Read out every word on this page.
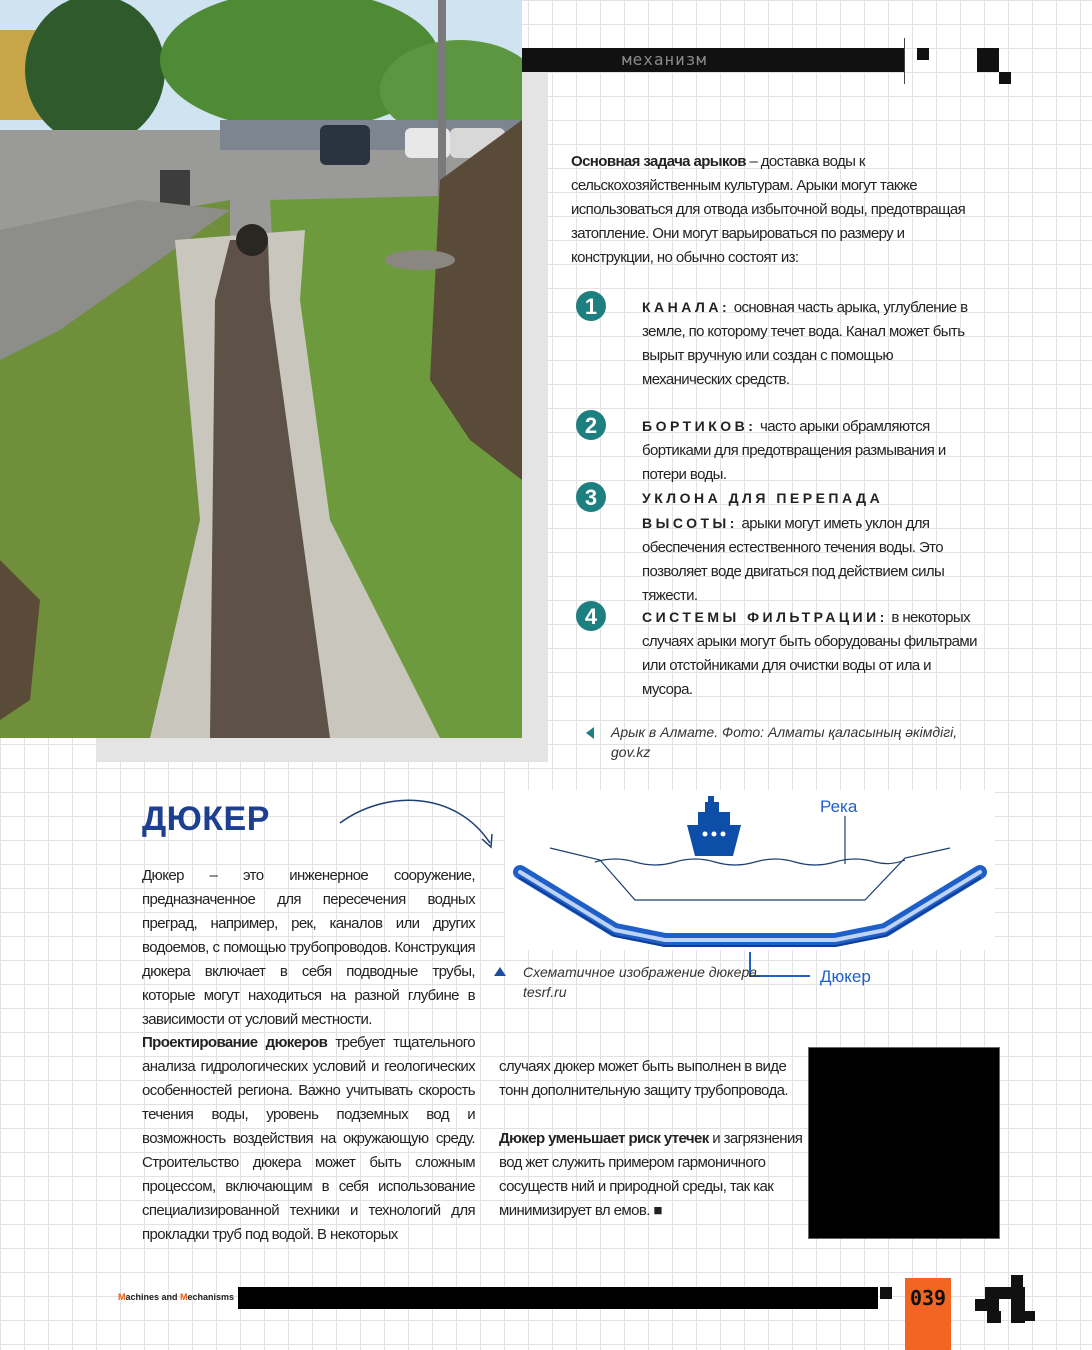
механизм
Основная задача арыков – доставка воды к сельскохозяйственным культурам. Арыки могут также использоваться для отвода избыточной воды, предотвращая затопление. Они могут варьироваться по размеру и конструкции, но обычно состоят из:
1	КАНАЛА: основная часть арыка, углубление в земле, по которому течет вода. Канал может быть вырыт вручную или создан с помощью механических средств.
2	БОРТИКОВ: часто арыки обрамляются бортиками для предотвращения размывания и потери воды.
3	УКЛОНА ДЛЯ ПЕРЕПАДА ВЫСОТЫ: арыки могут иметь уклон для обеспечения естественного течения воды. Это позволяет воде двигаться под действием силы тяжести.
4	СИСТЕМЫ ФИЛЬТРАЦИИ: в некоторых случаях арыки могут быть оборудованы фильтрами или отстойниками для очистки воды от ила и мусора.
Арык в Алмате. Фото: Алматы қаласының әкімдігі, gov.kz
ДЮКЕР	Река
Дюкер
Схематичное изображение дюкера. tesrf.ru
Дюкер – это инженерное сооружение, предназначенное для пересечения водных преград, например, рек, каналов или других водоемов, с помощью трубопроводов. Конструкция дюкера включает в себя подводные трубы, которые могут находиться на разной глубине в зависимости от условий местности.
Проектирование дюкеров требует тщательного анализа гидрологических условий и геологических особенностей региона. Важно учитывать скорость течения воды, уровень подземных вод и возможность воздействия на окружающую среду. Строительство дюкера может быть сложным процессом, включающим в себя использование специализированной техники и технологий для прокладки труб под водой. В некоторых
случаях дюкер может быть выполнен в виде тонн дополнительную защиту трубопровода.
Дюкер уменьшает риск утечек и загрязнения вод жет служить примером гармоничного сосуществ ний и природной среды, так как минимизирует вл емов. ■
Machines and Mechanisms	039
